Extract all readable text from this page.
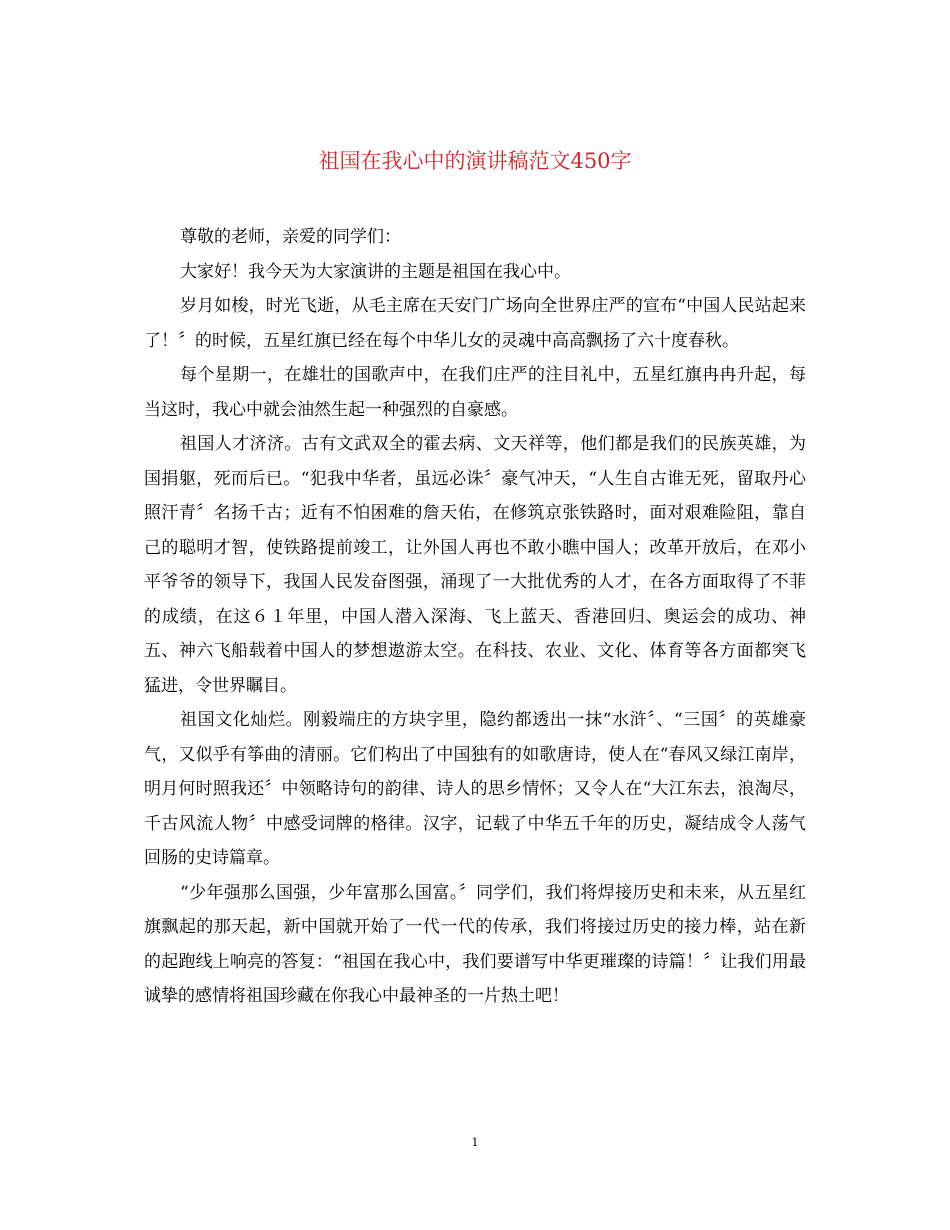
祖国在我心中的演讲稿范文450字

尊敬的老师，亲爱的同学们：

大家好！我今天为大家演讲的主题是祖国在我心中。

岁月如梭，时光飞逝，从毛主席在天安门广场向全世界庄严的宣布“中国人民站起来了！〞的时候，五星红旗已经在每个中华儿女的灵魂中高高飘扬了六十度春秋。

每个星期一，在雄壮的国歌声中，在我们庄严的注目礼中，五星红旗冉冉升起，每当这时，我心中就会油然生起一种强烈的自豪感。

祖国人才济济。古有文武双全的霍去病、文天祥等，他们都是我们的民族英雄，为国捐躯，死而后已。“犯我中华者，虽远必诛〞豪气冲天，“人生自古谁无死，留取丹心照汗青〞名扬千古；近有不怕困难的詹天佑，在修筑京张铁路时，面对艰难险阻，靠自己的聪明才智，使铁路提前竣工，让外国人再也不敢小瞧中国人；改革开放后，在邓小平爷爷的领导下，我国人民发奋图强，涌现了一大批优秀的人才，在各方面取得了不菲的成绩，在这６１年里，中国人潜入深海、飞上蓝天、香港回归、奥运会的成功、神五、神六飞船载着中国人的梦想遨游太空。在科技、农业、文化、体育等各方面都突飞猛进，令世界瞩目。

祖国文化灿烂。刚毅端庄的方块字里，隐约都透出一抹“水浒〞、“三国〞的英雄豪气，又似乎有筝曲的清丽。它们构出了中国独有的如歌唐诗，使人在“春风又绿江南岸，明月何时照我还〞中领略诗句的韵律、诗人的思乡情怀；又令人在“大江东去，浪淘尽，千古风流人物〞中感受词牌的格律。汉字，记载了中华五千年的历史，凝结成令人荡气回肠的史诗篇章。

“少年强那么国强，少年富那么国富。〞同学们，我们将焊接历史和未来，从五星红旗飘起的那天起，新中国就开始了一代一代的传承，我们将接过历史的接力棒，站在新的起跑线上响亮的答复：“祖国在我心中，我们要谱写中华更璀璨的诗篇！〞让我们用最诚挚的感情将祖国珍藏在你我心中最神圣的一片热土吧！

1
